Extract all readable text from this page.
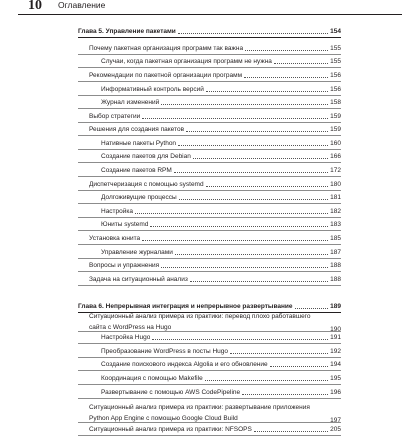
10 Оглавление
Глава 5. Управление пакетами	154
Почему пакетная организация программ так важна	155
Случаи, когда пакетная организация программ не нужна	155
Рекомендации по пакетной организации программ	156
Информативный контроль версий	156
Журнал изменений	158
Выбор стратегии	159
Решения для создания пакетов	159
Нативные пакеты Python	160
Создание пакетов для Debian	166
Создание пакетов RPM	172
Диспетчеризация с помощью systemd	180
Долгоживущие процессы	181
Настройка	182
Юниты systemd	183
Установка юнита	185
Управление журналами	187
Вопросы и упражнения	188
Задача на ситуационный анализ	188
Глава 6. Непрерывная интеграция и непрерывное развертывание	189
Ситуационный анализ примера из практики: перевод плохо работавшего сайта с WordPress на Hugo	190
Настройка Hugo	191
Преобразование WordPress в посты Hugo	192
Создание поискового индекса Algolia и его обновление	194
Координация с помощью Makefile	195
Развертывание с помощью AWS CodePipeline	196
Ситуационный анализ примера из практики: развертывание приложения Python App Engine с помощью Google Cloud Build	197
Ситуационный анализ примера из практики: NFSOPS	205
